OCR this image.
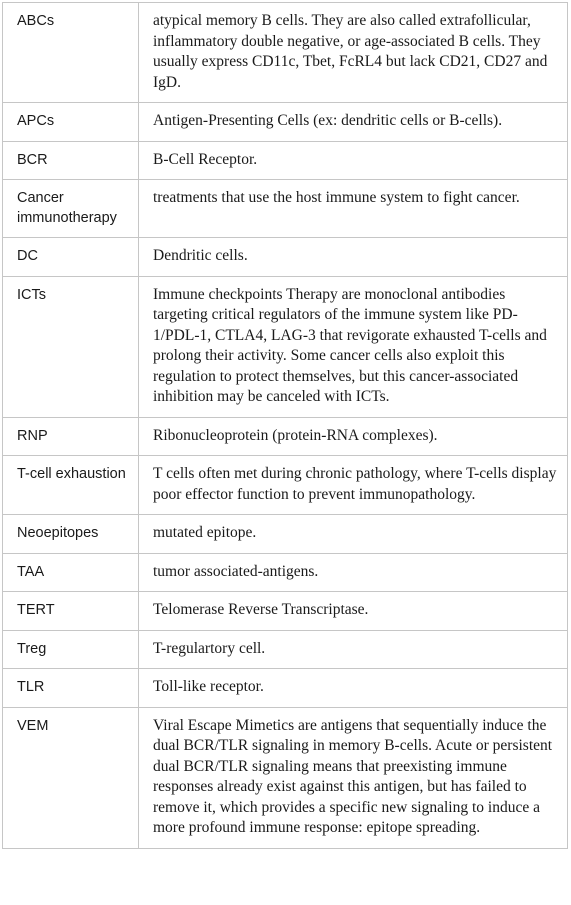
ABCs	atypical memory B cells. They are also called extrafollicular, inflammatory double negative, or age-associated B cells. They usually express CD11c, Tbet, FcRL4 but lack CD21, CD27 and IgD.
APCs	Antigen-Presenting Cells (ex: dendritic cells or B-cells).
BCR	B-Cell Receptor.
Cancer immunotherapy	treatments that use the host immune system to fight cancer.
DC	Dendritic cells.
ICTs	Immune checkpoints Therapy are monoclonal antibodies targeting critical regulators of the immune system like PD-1/PDL-1, CTLA4, LAG-3 that revigorate exhausted T-cells and prolong their activity. Some cancer cells also exploit this regulation to protect themselves, but this cancer-associated inhibition may be canceled with ICTs.
RNP	Ribonucleoprotein (protein-RNA complexes).
T-cell exhaustion	T cells often met during chronic pathology, where T-cells display poor effector function to prevent immunopathology.
Neoepitopes	mutated epitope.
TAA	tumor associated-antigens.
TERT	Telomerase Reverse Transcriptase.
Treg	T-regulartory cell.
TLR	Toll-like receptor.
VEM	Viral Escape Mimetics are antigens that sequentially induce the dual BCR/TLR signaling in memory B-cells. Acute or persistent dual BCR/TLR signaling means that preexisting immune responses already exist against this antigen, but has failed to remove it, which provides a specific new signaling to induce a more profound immune response: epitope spreading.
